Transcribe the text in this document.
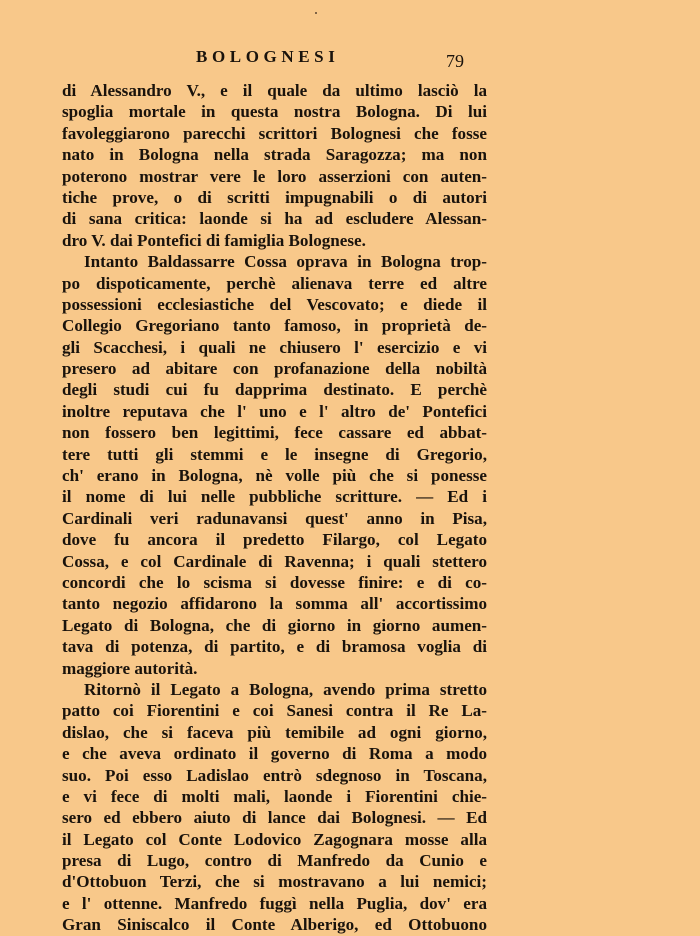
BOLOGNESI	79
di Alessandro V., e il quale da ultimo lasciò la
spoglia mortale in questa nostra Bologna. Di lui
favoleggiarono parecchi scrittori Bolognesi che fosse
nato in Bologna nella strada Saragozza; ma non
poterono mostrar vere le loro asserzioni con auten-
tiche prove, o di scritti impugnabili o di autori
di sana critica: laonde si ha ad escludere Alessan-
dro V. dai Pontefici di famiglia Bolognese.
Intanto Baldassarre Cossa oprava in Bologna trop-
po dispoticamente, perchè alienava terre ed altre
possessioni ecclesiastiche del Vescovato; e diede il
Collegio Gregoriano tanto famoso, in proprietà de-
gli Scacchesi, i quali ne chiusero l' esercizio e vi
presero ad abitare con profanazione della nobiltà
degli studi cui fu dapprima destinato. E perchè
inoltre reputava che l' uno e l' altro de' Pontefici
non fossero ben legittimi, fece cassare ed abbat-
tere tutti gli stemmi e le insegne di Gregorio,
ch' erano in Bologna, nè volle più che si ponesse
il nome di lui nelle pubbliche scritture. — Ed i
Cardinali veri radunavansi quest' anno in Pisa,
dove fu ancora il predetto Filargo, col Legato
Cossa, e col Cardinale di Ravenna; i quali stettero
concordi che lo scisma si dovesse finire: e di co-
tanto negozio affidarono la somma all' accortissimo
Legato di Bologna, che di giorno in giorno aumen-
tava di potenza, di partito, e di bramosa voglia di
maggiore autorità.
Ritornò il Legato a Bologna, avendo prima stretto
patto coi Fiorentini e coi Sanesi contra il Re La-
dislao, che si faceva più temibile ad ogni giorno,
e che aveva ordinato il governo di Roma a modo
suo. Poi esso Ladislao entrò sdegnoso in Toscana,
e vi fece di molti mali, laonde i Fiorentini chie-
sero ed ebbero aiuto di lance dai Bolognesi. — Ed
il Legato col Conte Lodovico Zagognara mosse alla
presa di Lugo, contro di Manfredo da Cunio e
d'Ottobuon Terzi, che si mostravano a lui nemici;
e l' ottenne. Manfredo fuggì nella Puglia, dov' era
Gran Siniscalco il Conte Alberigo, ed Ottobuono
